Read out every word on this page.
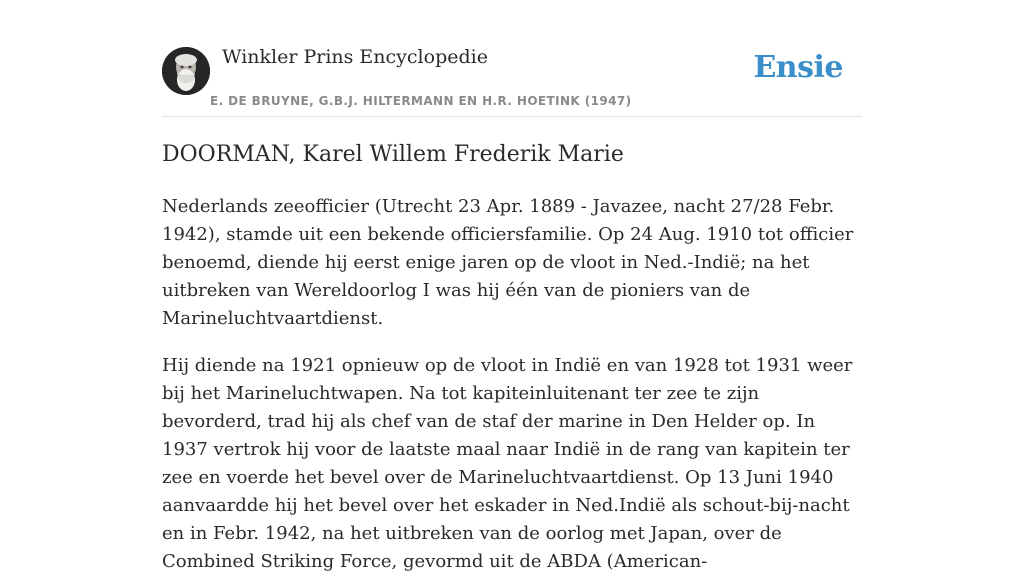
Winkler Prins Encyclopedie
E. DE BRUYNE, G.B.J. HILTERMANN EN H.R. HOETINK (1947)
Ensie
DOORMAN, Karel Willem Frederik Marie

Nederlands zeeofficier (Utrecht 23 Apr. 1889 - Javazee, nacht 27/28 Febr. 1942), stamde uit een bekende officiersfamilie. Op 24 Aug. 1910 tot officier benoemd, diende hij eerst enige jaren op de vloot in Ned.-Indië; na het uitbreken van Wereldoorlog I was hij één van de pioniers van de Marineluchtvaartdienst.

Hij diende na 1921 opnieuw op de vloot in Indië en van 1928 tot 1931 weer bij het Marineluchtwapen. Na tot kapiteinluitenant ter zee te zijn bevorderd, trad hij als chef van de staf der marine in Den Helder op. In 1937 vertrok hij voor de laatste maal naar Indië in de rang van kapitein ter zee en voerde het bevel over de Marineluchtvaartdienst. Op 13 Juni 1940 aanvaardde hij het bevel over het eskader in Ned.Indië als schout-bij-nacht en in Febr. 1942, na het uitbreken van de oorlog met Japan, over de Combined Striking Force, gevormd uit de ABDA (American-
